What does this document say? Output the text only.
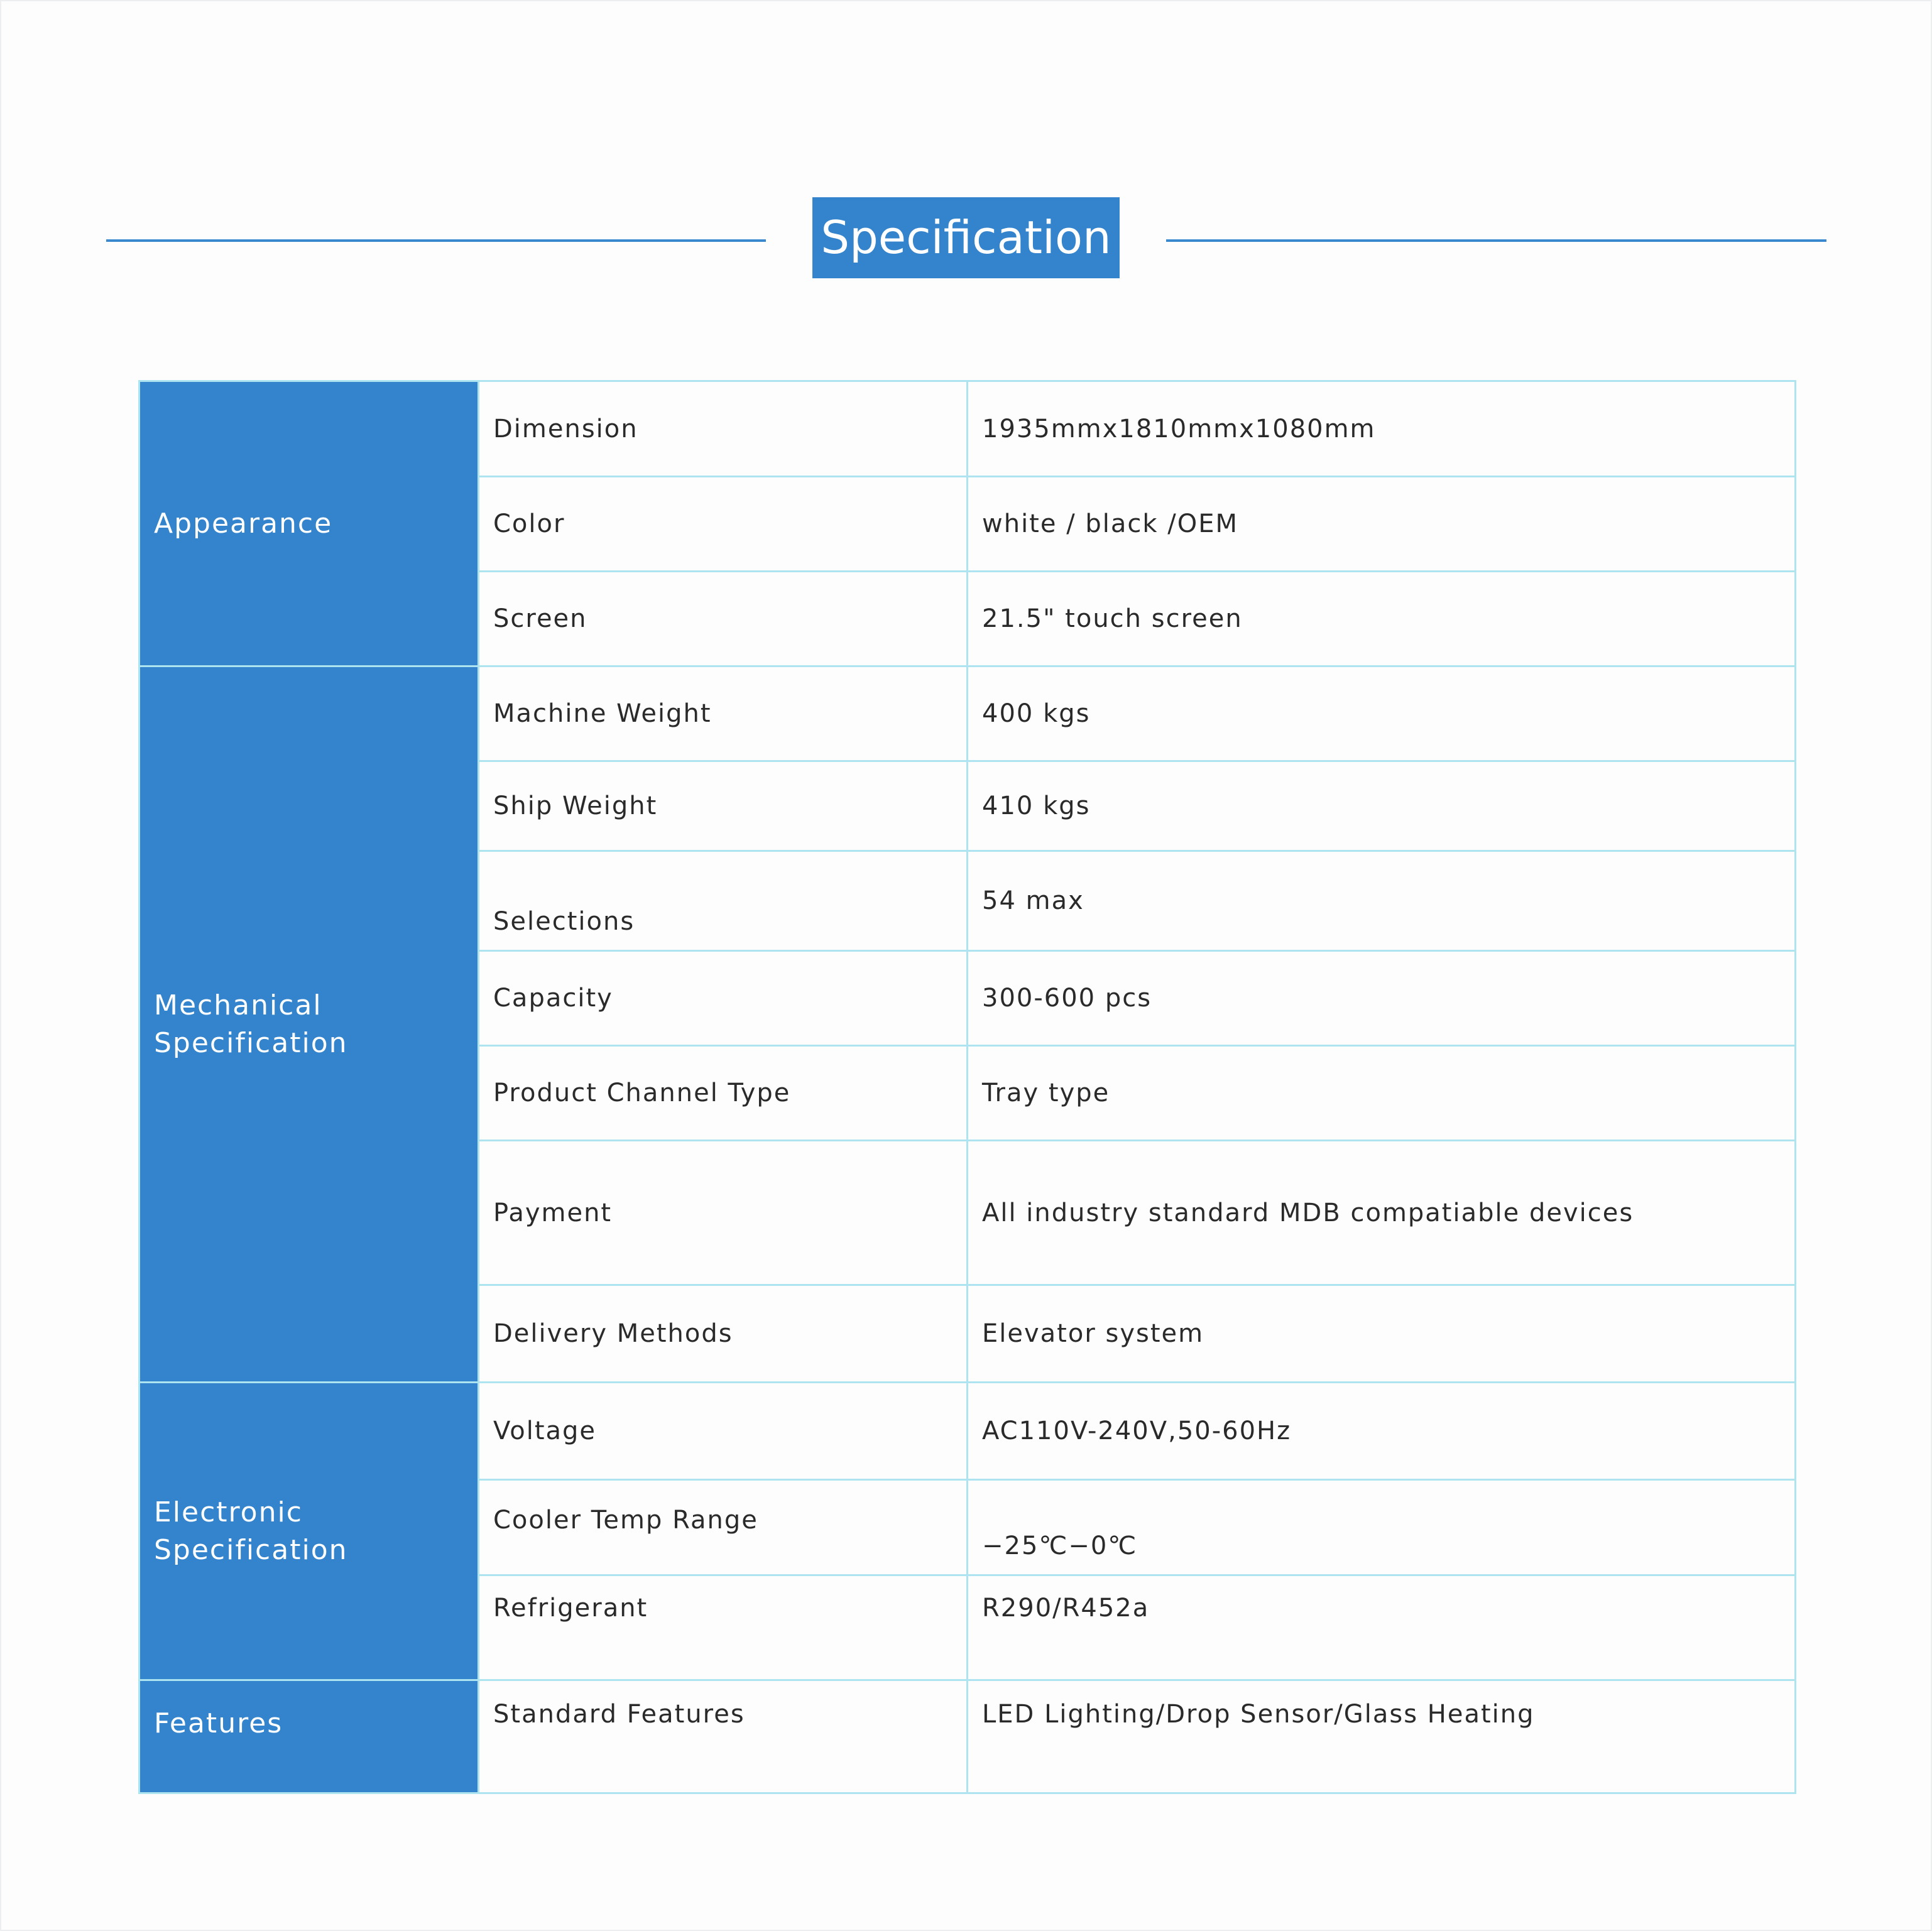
Specification
Appearance	Dimension	1935mmx1810mmx1080mm
	Color	white / black /OEM
	Screen	21.5" touch screen
Mechanical Specification	Machine Weight	400 kgs
	Ship Weight	410 kgs
	Selections	54 max
	Capacity	300-600 pcs
	Product Channel Type	Tray type
	Payment	All industry standard MDB compatiable devices
	Delivery Methods	Elevator system
Electronic Specification	Voltage	AC110V-240V,50-60Hz
	Cooler Temp Range	−25℃−0℃
	Refrigerant	R290/R452a
Features	Standard Features	LED Lighting/Drop Sensor/Glass Heating
